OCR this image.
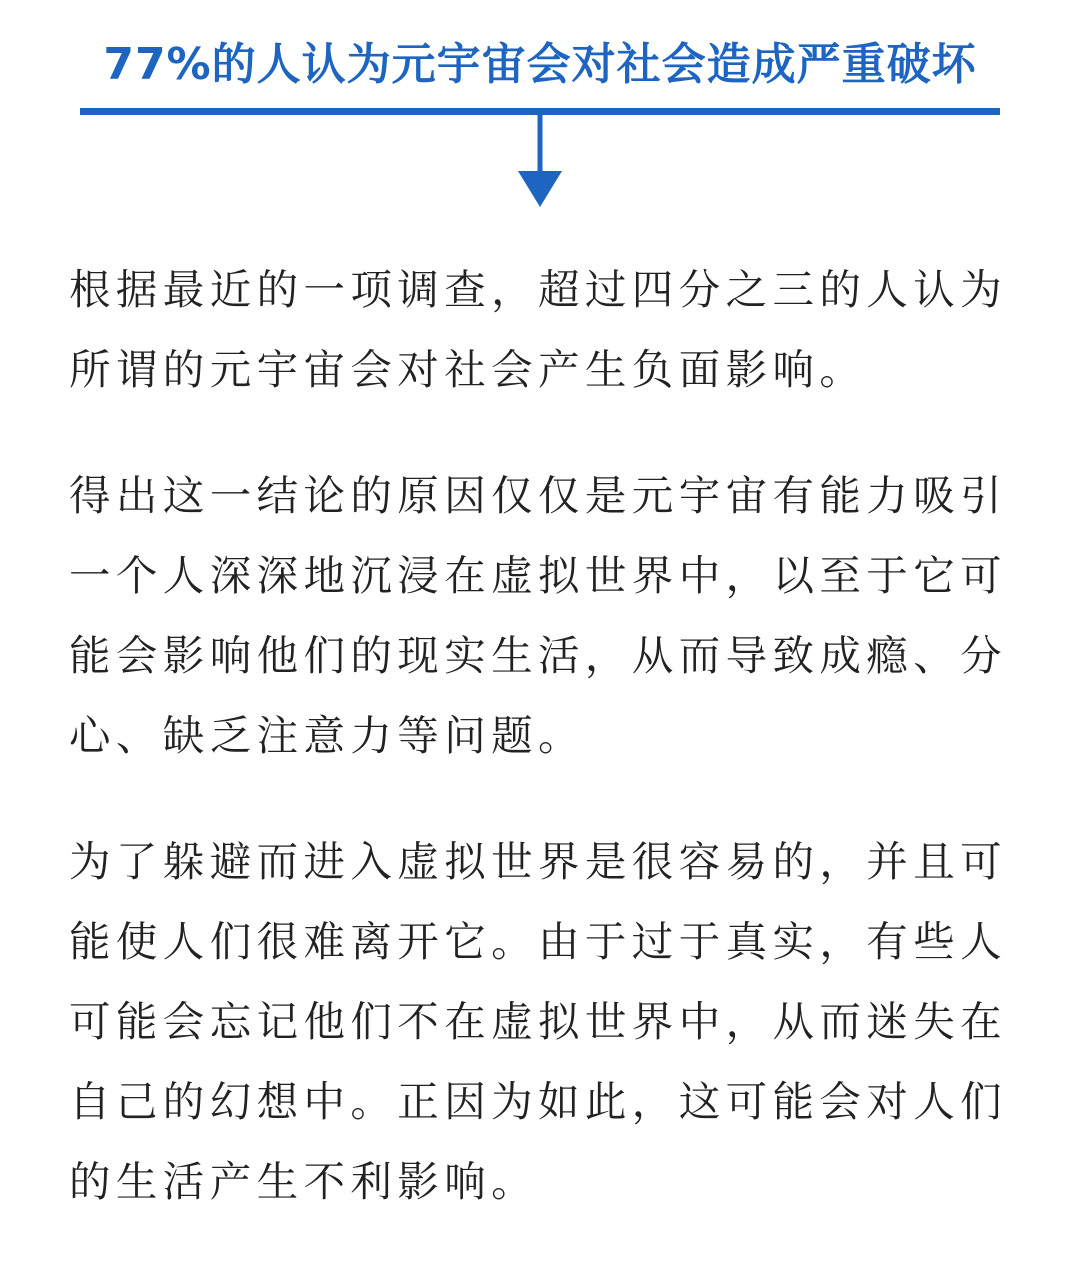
77%的人认为元宇宙会对社会造成严重破坏

根据最近的一项调查，超过四分之三的人认为所谓的元宇宙会对社会产生负面影响。

得出这一结论的原因仅仅是元宇宙有能力吸引一个人深深地沉浸在虚拟世界中，以至于它可能会影响他们的现实生活，从而导致成瘾、分心、缺乏注意力等问题。

为了躲避而进入虚拟世界是很容易的，并且可能使人们很难离开它。由于过于真实，有些人可能会忘记他们不在虚拟世界中，从而迷失在自己的幻想中。正因为如此，这可能会对人们的生活产生不利影响。
